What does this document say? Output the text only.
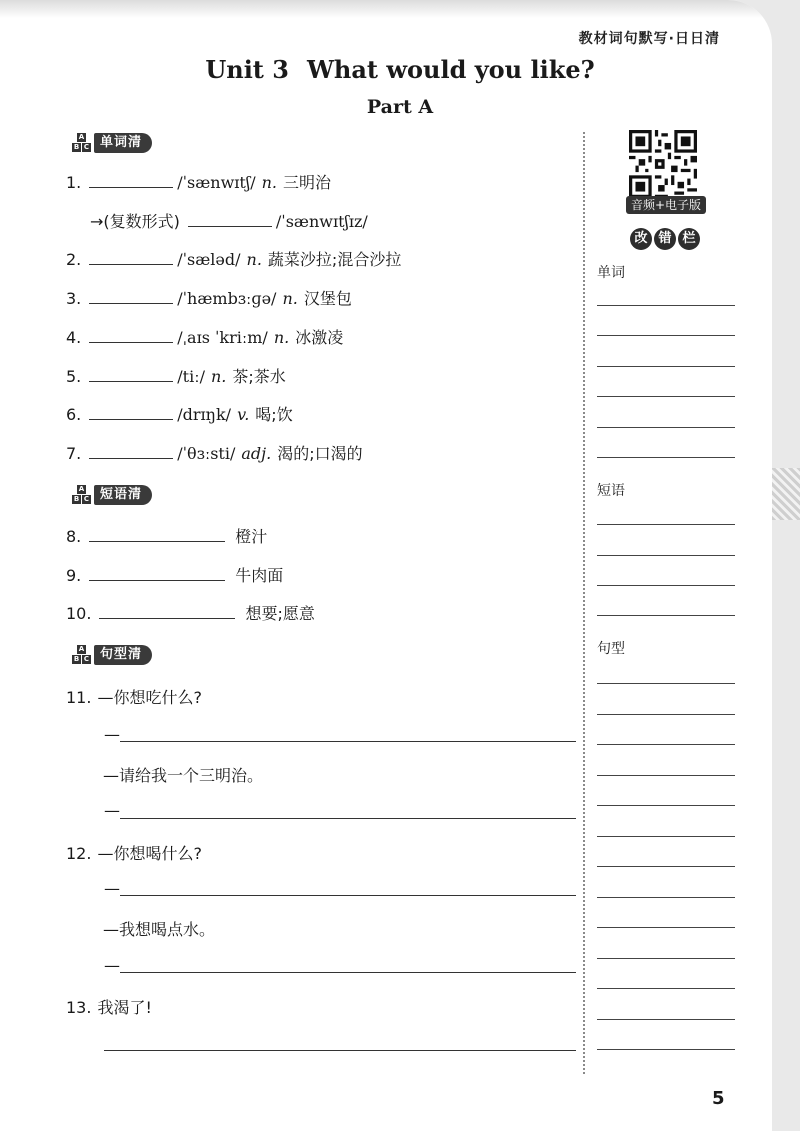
教材词句默写·日日清
Unit 3 What would you like?
Part A
A
B C 单词清
1.	/ˈsænwɪtʃ/ n. 三明治
→(复数形式)	/ˈsænwɪtʃɪz/
2.	/ˈsæləd/ n. 蔬菜沙拉;混合沙拉
3.	/ˈhæmbɜːɡə/ n. 汉堡包
4.	/ˌaɪs ˈkriːm/ n. 冰激凌
5.	/tiː/ n. 茶;茶水
6.	/drɪŋk/ v. 喝;饮
7.	/ˈθɜːsti/ adj. 渴的;口渴的
A
B C 短语清
8.	橙汁
9.	牛肉面
10.	想要;愿意
A
B C 句型清
11. —你想吃什么?
—
—请给我一个三明治。
—
12. —你想喝什么?
—
—我想喝点水。
—
13. 我渴了!
音频+电子版
改 错 栏
单词
短语
句型
5
